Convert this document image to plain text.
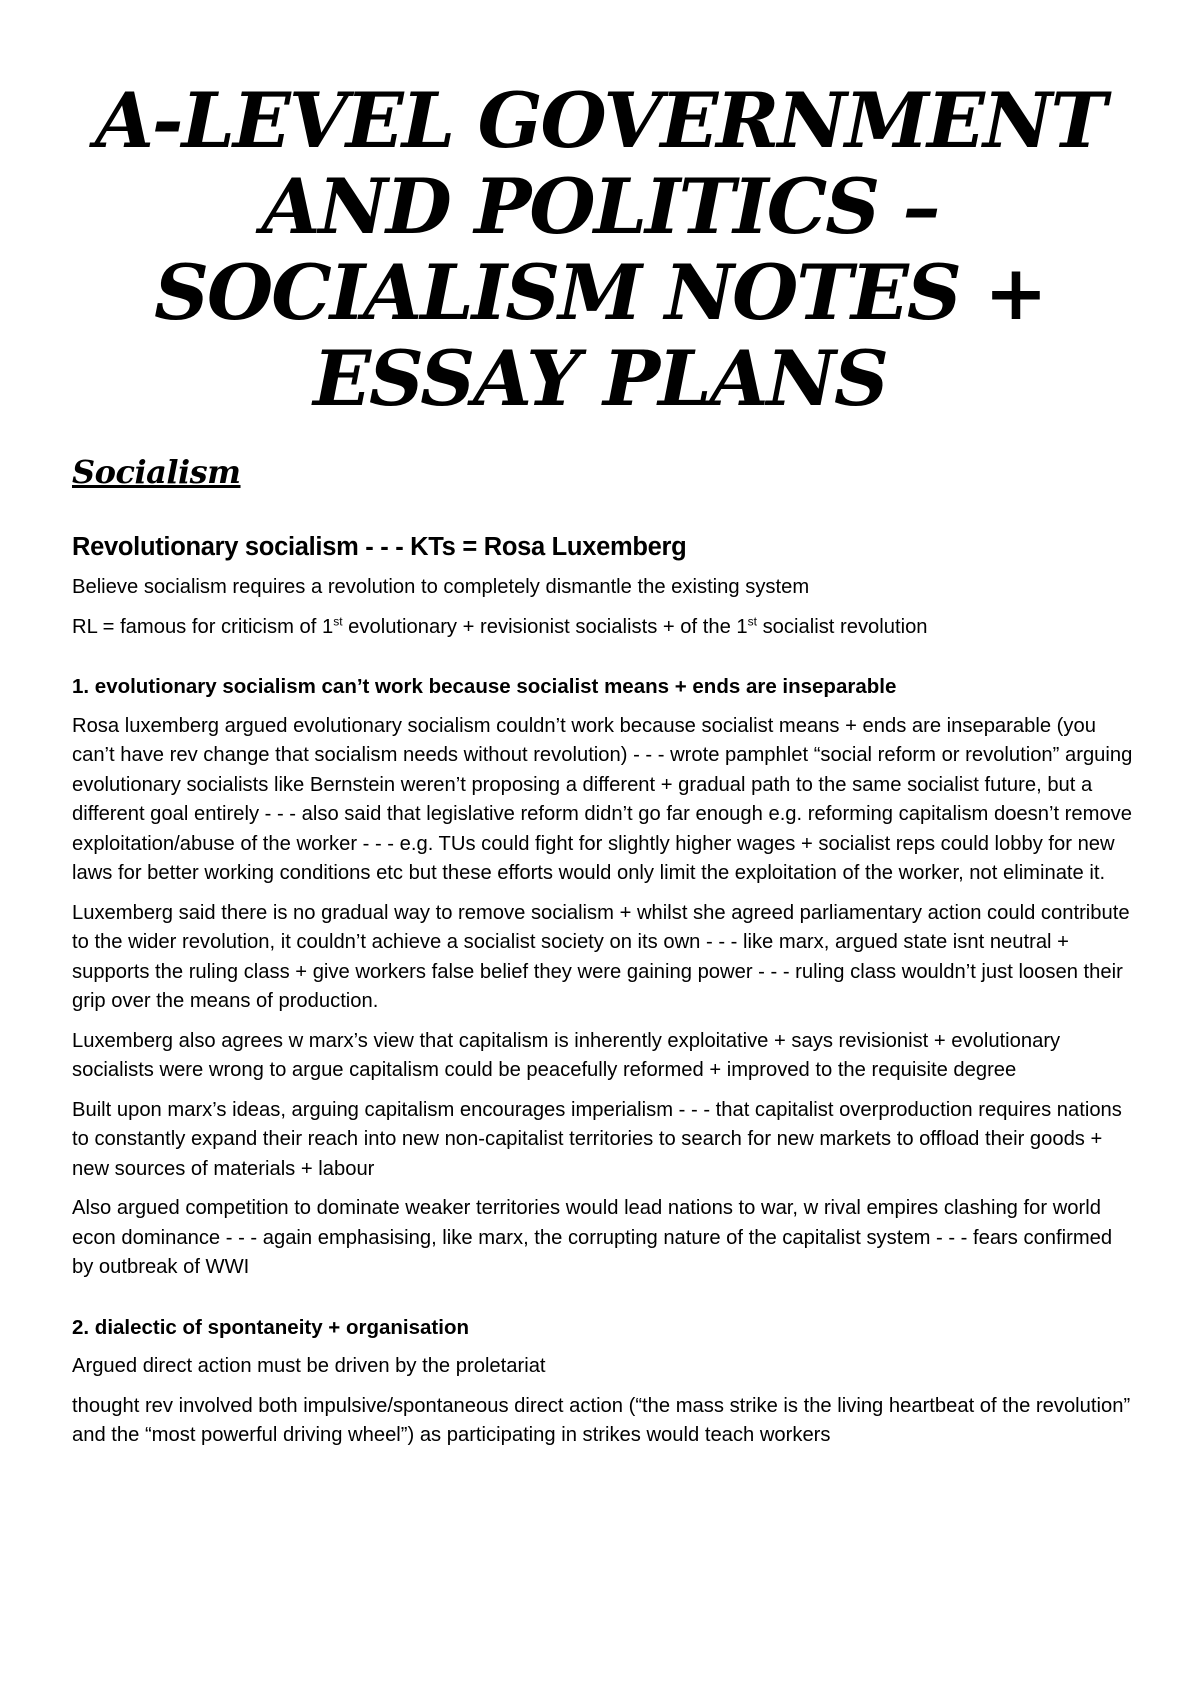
A-LEVEL GOVERNMENT
AND POLITICS –
SOCIALISM NOTES +
ESSAY PLANS
Socialism
Revolutionary socialism - - - KTs = Rosa Luxemberg

Believe socialism requires a revolution to completely dismantle the existing system

RL = famous for criticism of 1st evolutionary + revisionist socialists + of the 1st socialist revolution

1. evolutionary socialism can’t work because socialist means + ends are inseparable

Rosa luxemberg argued evolutionary socialism couldn’t work because socialist means + ends are inseparable (you can’t have rev change that socialism needs without revolution) - - - wrote pamphlet “social reform or revolution” arguing evolutionary socialists like Bernstein weren’t proposing a different + gradual path to the same socialist future, but a different goal entirely - - - also said that legislative reform didn’t go far enough e.g. reforming capitalism doesn’t remove exploitation/abuse of the worker - - - e.g. TUs could fight for slightly higher wages + socialist reps could lobby for new laws for better working conditions etc but these efforts would only limit the exploitation of the worker, not eliminate it.

Luxemberg said there is no gradual way to remove socialism + whilst she agreed parliamentary action could contribute to the wider revolution, it couldn’t achieve a socialist society on its own - - - like marx, argued state isnt neutral + supports the ruling class + give workers false belief they were gaining power - - - ruling class wouldn’t just loosen their grip over the means of production.

Luxemberg also agrees w marx’s view that capitalism is inherently exploitative + says revisionist + evolutionary socialists were wrong to argue capitalism could be peacefully reformed + improved to the requisite degree

Built upon marx’s ideas, arguing capitalism encourages imperialism - - - that capitalist overproduction requires nations to constantly expand their reach into new non-capitalist territories to search for new markets to offload their goods + new sources of materials + labour

Also argued competition to dominate weaker territories would lead nations to war, w rival empires clashing for world econ dominance - - - again emphasising, like marx, the corrupting nature of the capitalist system - - - fears confirmed by outbreak of WWI

2. dialectic of spontaneity + organisation

Argued direct action must be driven by the proletariat

thought rev involved both impulsive/spontaneous direct action (“the mass strike is the living heartbeat of the revolution” and the “most powerful driving wheel”) as participating in strikes would teach workers
